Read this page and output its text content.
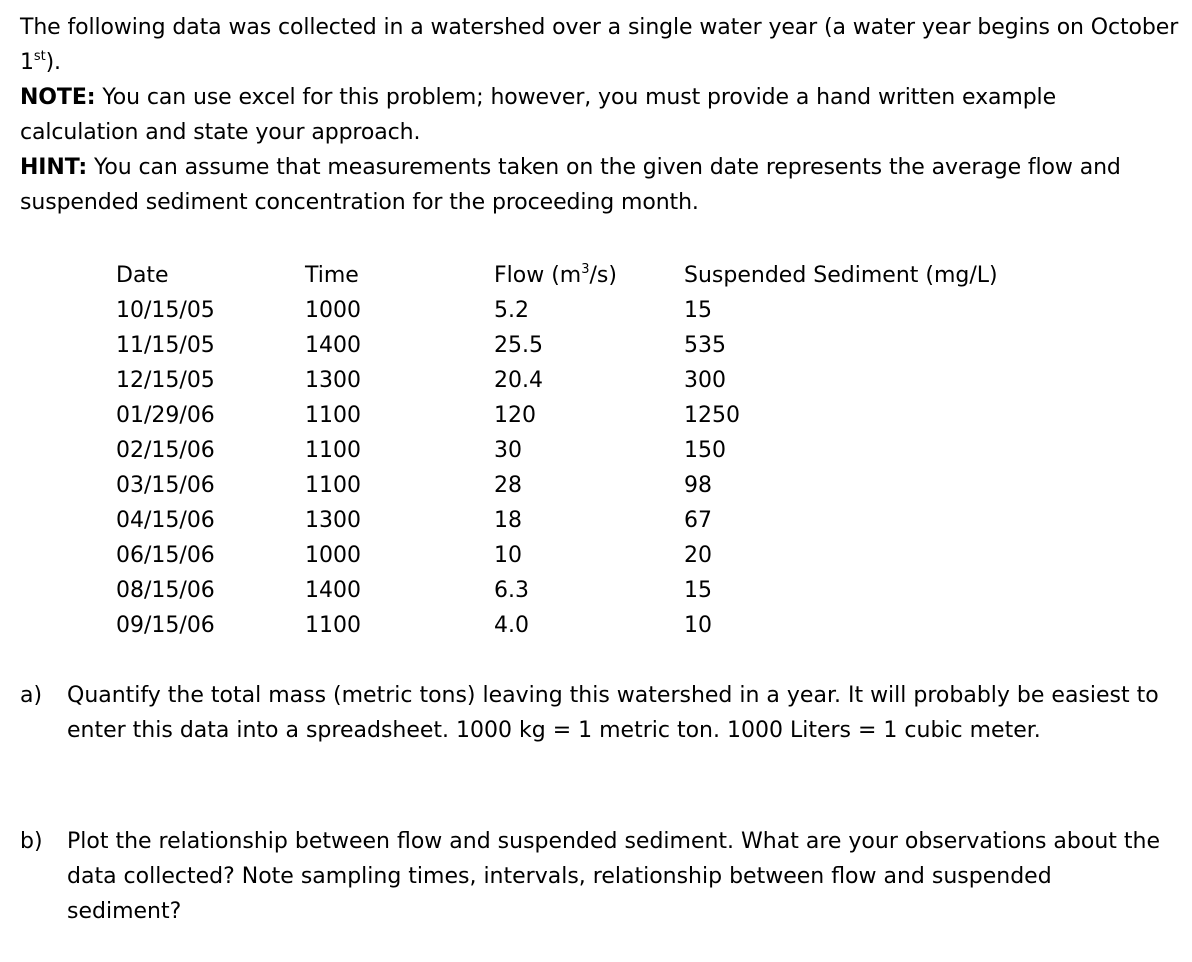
The following data was collected in a watershed over a single water year (a water year begins on October 1st).

NOTE: You can use excel for this problem; however, you must provide a hand written example calculation and state your approach.

HINT: You can assume that measurements taken on the given date represents the average flow and suspended sediment concentration for the proceeding month.

Date	Time	Flow $(m^3/s)$	Suspended Sediment (mg/L)
10/15/05	1000	5.2	15
11/15/05	1400	25.5	535
12/15/05	1300	20.4	300
01/29/06	1100	120	1250
02/15/06	1100	30	150
03/15/06	1100	28	98
04/15/06	1300	18	67
06/15/06	1000	10	20
08/15/06	1400	6.3	15
09/15/06	1100	4.0	10
a) Quantify the total mass (metric tons) leaving this watershed in a year. It will probably be easiest to enter this data into a spreadsheet. 1000 kg = 1 metric ton. 1000 Liters = 1 cubic meter.
b) Plot the relationship between flow and suspended sediment. What are your observations about the data collected? Note sampling times, intervals, relationship between flow and suspended sediment?
